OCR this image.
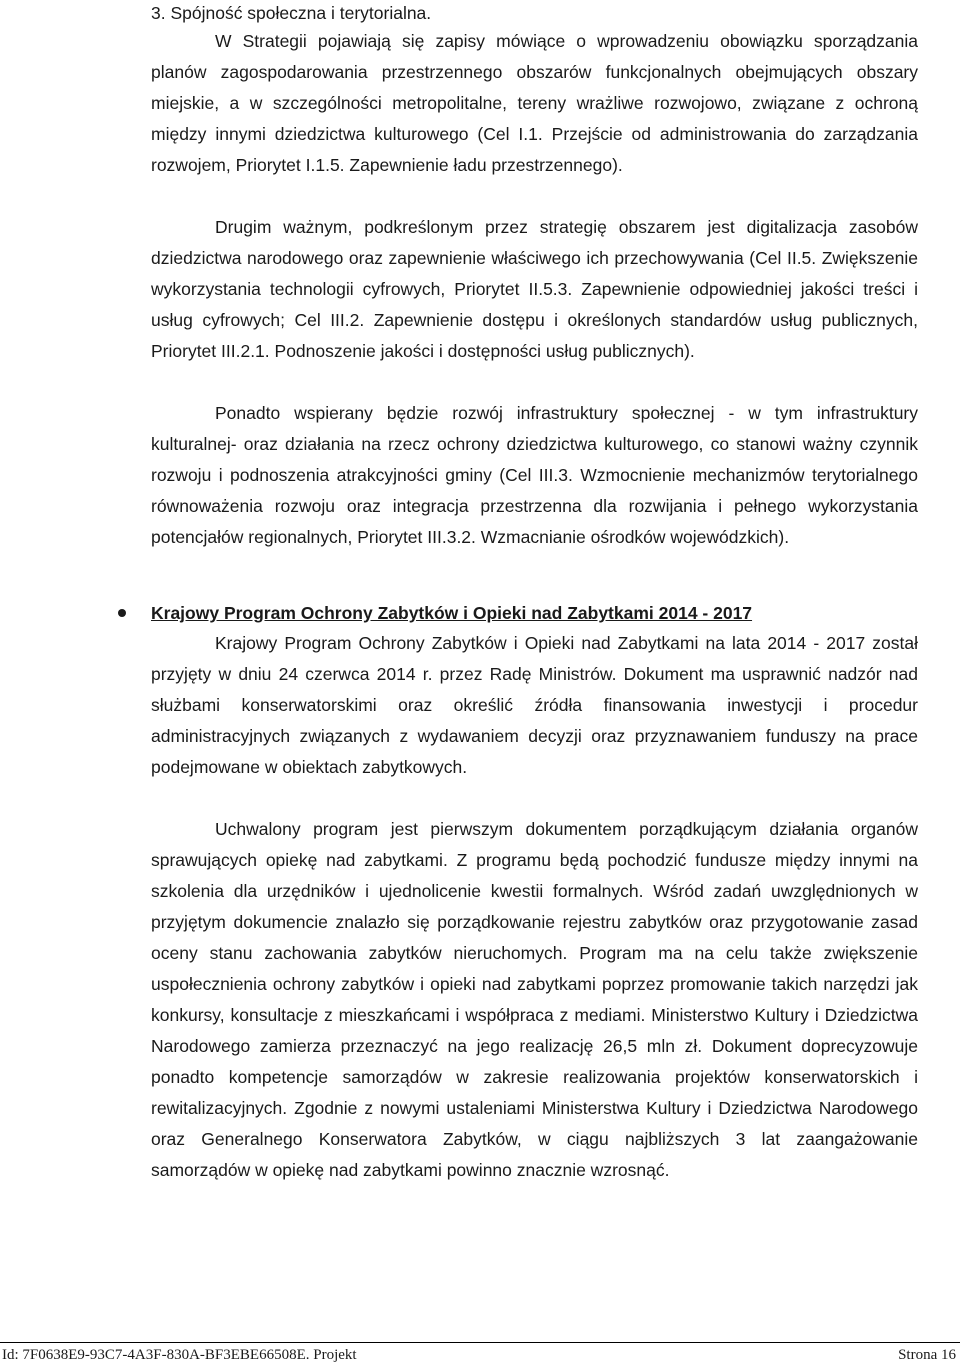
3. Spójność społeczna i terytorialna.

W Strategii pojawiają się zapisy mówiące o wprowadzeniu obowiązku sporządzania planów zagospodarowania przestrzennego obszarów funkcjonalnych obejmujących obszary miejskie, a w szczególności metropolitalne, tereny wrażliwe rozwojowo, związane z ochroną między innymi dziedzictwa kulturowego (Cel I.1. Przejście od administrowania do zarządzania rozwojem, Priorytet I.1.5. Zapewnienie ładu przestrzennego).

Drugim ważnym, podkreślonym przez strategię obszarem jest digitalizacja zasobów dziedzictwa narodowego oraz zapewnienie właściwego ich przechowywania (Cel II.5. Zwiększenie wykorzystania technologii cyfrowych, Priorytet II.5.3. Zapewnienie odpowiedniej jakości treści i usług cyfrowych; Cel III.2. Zapewnienie dostępu i określonych standardów usług publicznych, Priorytet III.2.1. Podnoszenie jakości i dostępności usług publicznych).

Ponadto wspierany będzie rozwój infrastruktury społecznej - w tym infrastruktury kulturalnej- oraz działania na rzecz ochrony dziedzictwa kulturowego, co stanowi ważny czynnik rozwoju i podnoszenia atrakcyjności gminy (Cel III.3. Wzmocnienie mechanizmów terytorialnego równoważenia rozwoju oraz integracja przestrzenna dla rozwijania i pełnego wykorzystania potencjałów regionalnych, Priorytet III.3.2. Wzmacnianie ośrodków wojewódzkich).

Krajowy Program Ochrony Zabytków i Opieki nad Zabytkami 2014 - 2017

Krajowy Program Ochrony Zabytków i Opieki nad Zabytkami na lata 2014 - 2017 został przyjęty w dniu 24 czerwca 2014 r. przez Radę Ministrów. Dokument ma usprawnić nadzór nad służbami konserwatorskimi oraz określić źródła finansowania inwestycji i procedur administracyjnych związanych z wydawaniem decyzji oraz przyznawaniem funduszy na prace podejmowane w obiektach zabytkowych.

Uchwalony program jest pierwszym dokumentem porządkującym działania organów sprawujących opiekę nad zabytkami. Z programu będą pochodzić fundusze między innymi na szkolenia dla urzędników i ujednolicenie kwestii formalnych. Wśród zadań uwzględnionych w przyjętym dokumencie znalazło się porządkowanie rejestru zabytków oraz przygotowanie zasad oceny stanu zachowania zabytków nieruchomych. Program ma na celu także zwiększenie uspołecznienia ochrony zabytków i opieki nad zabytkami poprzez promowanie takich narzędzi jak konkursy, konsultacje z mieszkańcami i współpraca z mediami. Ministerstwo Kultury i Dziedzictwa Narodowego zamierza przeznaczyć na jego realizację 26,5 mln zł. Dokument doprecyzowuje ponadto kompetencje samorządów w zakresie realizowania projektów konserwatorskich i rewitalizacyjnych. Zgodnie z nowymi ustaleniami Ministerstwa Kultury i Dziedzictwa Narodowego oraz Generalnego Konserwatora Zabytków, w ciągu najbliższych 3 lat zaangażowanie samorządów w opiekę nad zabytkami powinno znacznie wzrosnąć.

Id: 7F0638E9-93C7-4A3F-830A-BF3EBE66508E. Projekt	Strona 16
